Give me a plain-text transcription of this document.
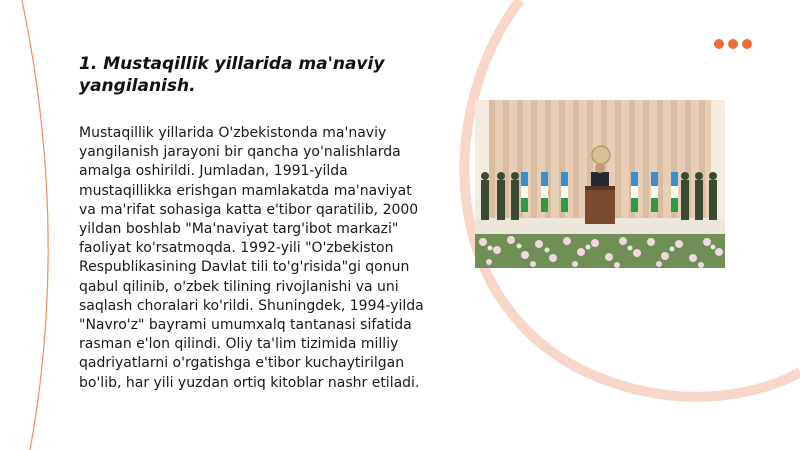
1. Mustaqillik yillarida ma'naviy yangilanish.

Mustaqillik yillarida O'zbekistonda ma'naviy yangilanish jarayoni bir qancha yo'nalishlarda amalga oshirildi. Jumladan, 1991-yilda mustaqillikka erishgan mamlakatda ma'naviyat va ma'rifat sohasiga katta e'tibor qaratilib, 2000 yildan boshlab "Ma'naviyat targ'ibot markazi" faoliyat ko'rsatmoqda. 1992-yili "O'zbekiston Respublikasining Davlat tili to'g'risida"gi qonun qabul qilinib, o'zbek tilining rivojlanishi va uni saqlash choralari ko'rildi. Shuningdek, 1994-yilda "Navro'z" bayrami umumxalq tantanasi sifatida rasman e'lon qilindi. Oliy ta'lim tizimida milliy qadriyatlarni o'rgatishga e'tibor kuchaytirilgan bo'lib, har yili yuzdan ortiq kitoblar nashr etiladi.
